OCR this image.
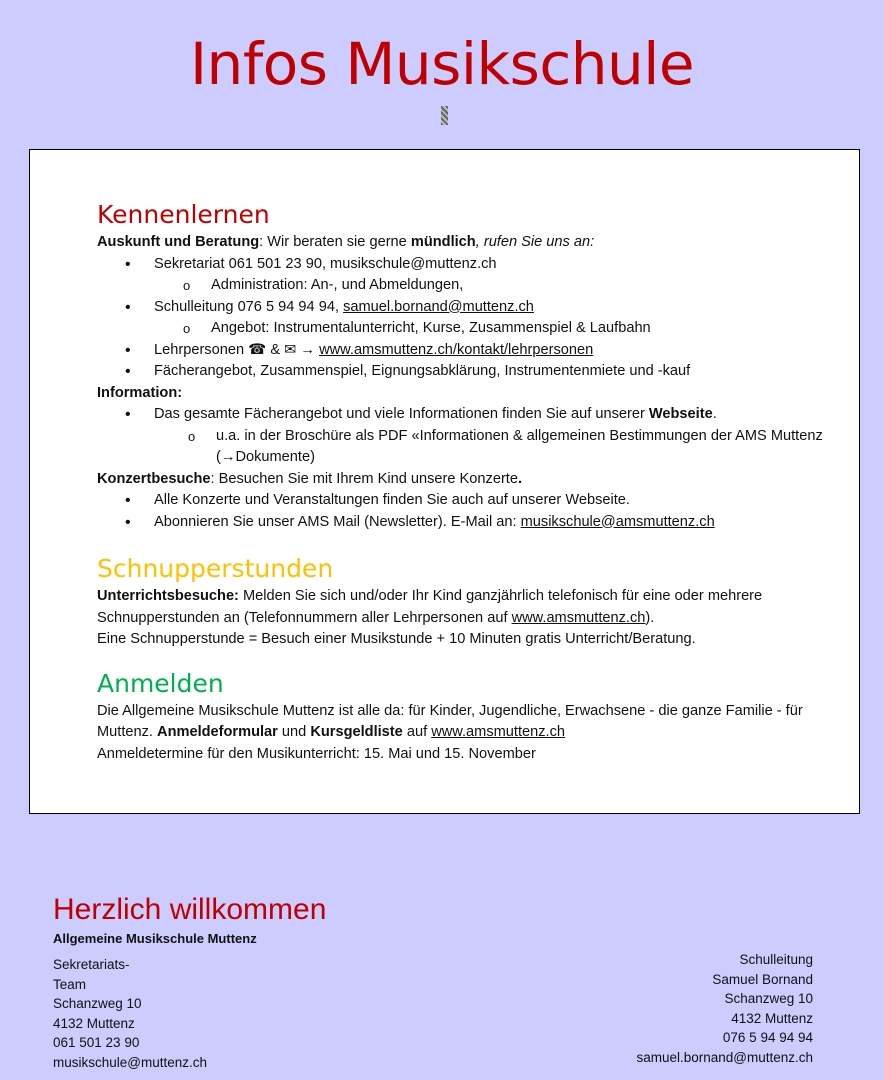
Infos Musikschule
Kennenlernen

Auskunft und Beratung: Wir beraten sie gerne mündlich, rufen Sie uns an:

• Sekretariat 061 501 23 90, musikschule@muttenz.ch
o Administration: An-, und Abmeldungen,
• Schulleitung 076 5 94 94 94, samuel.bornand@muttenz.ch
o Angebot: Instrumentalunterricht, Kurse, Zusammenspiel & Laufbahn
• Lehrpersonen ☎ & ✉ → www.amsmuttenz.ch/kontakt/lehrpersonen
• Fächerangebot, Zusammenspiel, Eignungsabklärung, Instrumentenmiete und -kauf

Information:

• Das gesamte Fächerangebot und viele Informationen finden Sie auf unserer Webseite.
o u.a. in der Broschüre als PDF «Informationen & allgemeinen Bestimmungen der AMS Muttenz (→Dokumente)

Konzertbesuche: Besuchen Sie mit Ihrem Kind unsere Konzerte.

• Alle Konzerte und Veranstaltungen finden Sie auch auf unserer Webseite.
• Abonnieren Sie unser AMS Mail (Newsletter). E-Mail an: musikschule@amsmuttenz.ch
Schnupperstunden

Unterrichtsbesuche: Melden Sie sich und/oder Ihr Kind ganzjährlich telefonisch für eine oder mehrere Schnupperstunden an (Telefonnummern aller Lehrpersonen auf www.amsmuttenz.ch).

Eine Schnupperstunde = Besuch einer Musikstunde + 10 Minuten gratis Unterricht/Beratung.

Anmelden

Die Allgemeine Musikschule Muttenz ist alle da: für Kinder, Jugendliche, Erwachsene - die ganze Familie - für Muttenz. Anmeldeformular und Kursgeldliste auf www.amsmuttenz.ch

Anmeldetermine für den Musikunterricht: 15. Mai und 15. November

Herzlich willkommen
Allgemeine Musikschule Muttenz
Sekretariats-
Team
Schanzweg 10
4132 Muttenz
061 501 23 90
musikschule@muttenz.ch
Schulleitung
Samuel Bornand
Schanzweg 10
4132 Muttenz
076 5 94 94 94
samuel.bornand@muttenz.ch
